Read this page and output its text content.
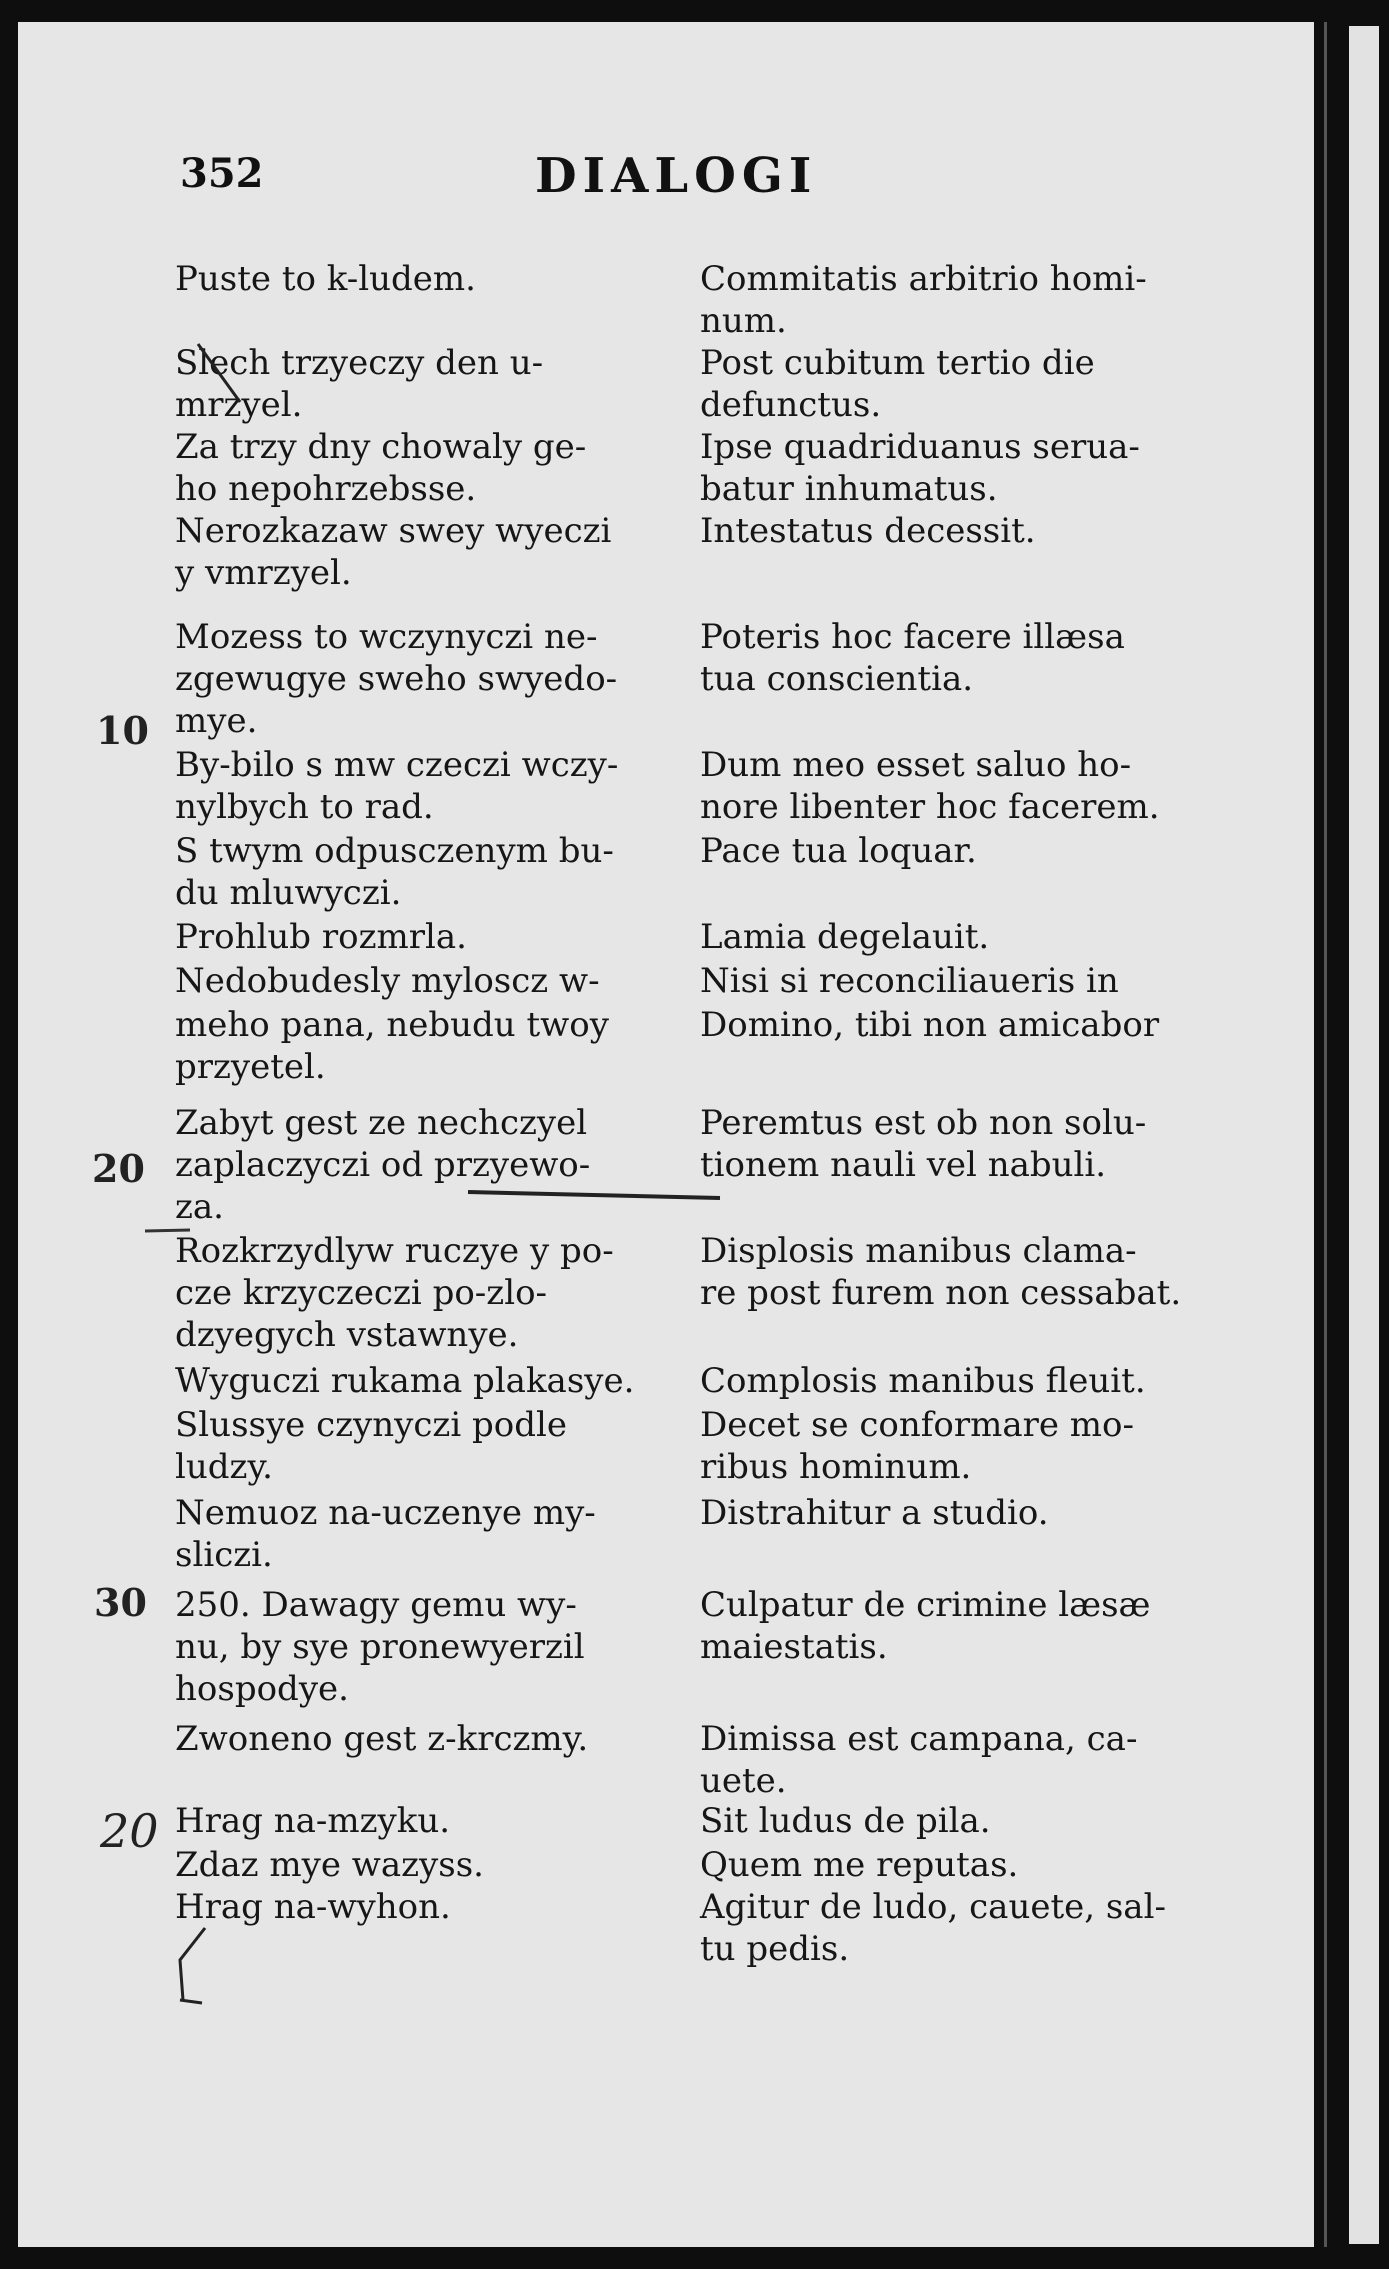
352	DIALOGI
Puste to k-ludem.
Slech trzyeczy den u-
mrzyel.
Za trzy dny chowaly ge-
ho nepohrzebsse.
Nerozkazaw swey wyeczi
y vmrzyel.
Mozess to wczynyczi ne-
zgewugye sweho swyedo-
mye.
By-bilo s mw czeczi wczy-
nylbych to rad.
S twym odpusczenym bu-
du mluwyczi.
Prohlub rozmrla.
Nedobudesly myloscz w-
meho pana, nebudu twoy
przyetel.
Zabyt gest ze nechczyel
zaplaczyczi od przyewo-
za.
Rozkrzydlyw ruczye y po-
cze krzyczeczi po-zlo-
dzyegych vstawnye.
Wyguczi rukama plakasye.
Slussye czynyczi podle
ludzy.
Nemuoz na-uczenye my-
sliczi.
250. Dawagy gemu wy-
nu, by sye pronewyerzil
hospodye.
Zwoneno gest z-krczmy.
Hrag na-mzyku.
Zdaz mye wazyss.
Hrag na-wyhon.
Commitatis arbitrio homi-
num.
Post cubitum tertio die
defunctus.
Ipse quadriduanus serua-
batur inhumatus.
Intestatus decessit.
Poteris hoc facere illæsa
tua conscientia.
Dum meo esset saluo ho-
nore libenter hoc facerem.
Pace tua loquar.
Lamia degelauit.
Nisi si reconciliaueris in
Domino, tibi non amicabor
Peremtus est ob non solu-
tionem nauli vel nabuli.
Displosis manibus clama-
re post furem non cessabat.
Complosis manibus fleuit.
Decet se conformare mo-
ribus hominum.
Distrahitur a studio.
Culpatur de crimine læsæ
maiestatis.
Dimissa est campana, ca-
uete.
Sit ludus de pila.
Quem me reputas.
Agitur de ludo, cauete, sal-
tu pedis.
10
20
30
20
